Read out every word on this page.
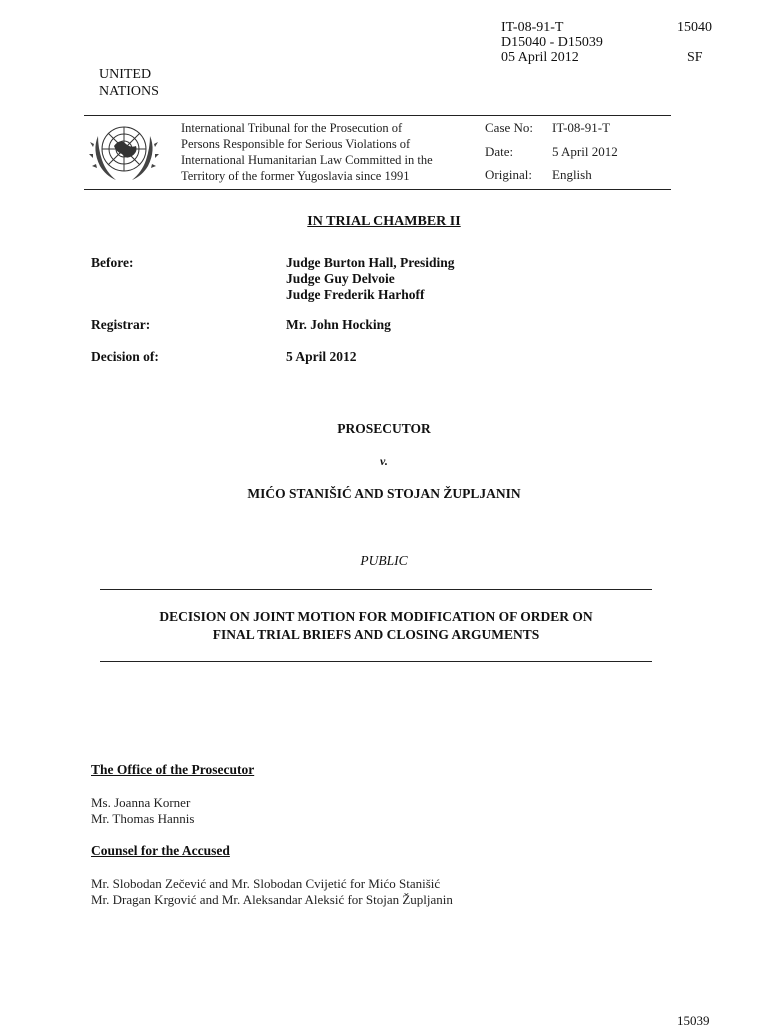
IT-08-91-T
D15040 - D15039
05 April 2012
15040
SF
UNITED
NATIONS
International Tribunal for the Prosecution of
Persons Responsible for Serious Violations of
International Humanitarian Law Committed in the
Territory of the former Yugoslavia since 1991
Case No:	IT-08-91-T
Date:	5 April 2012
Original:	English
IN TRIAL CHAMBER II
Before:	Judge Burton Hall, Presiding
Judge Guy Delvoie
Judge Frederik Harhoff
Registrar:	Mr. John Hocking
Decision of:	5 April 2012
PROSECUTOR
v.
MIĆO STANIŠIĆ AND STOJAN ŽUPLJANIN
PUBLIC
DECISION ON JOINT MOTION FOR MODIFICATION OF ORDER ON
FINAL TRIAL BRIEFS AND CLOSING ARGUMENTS
The Office of the Prosecutor
Ms. Joanna Korner
Mr. Thomas Hannis
Counsel for the Accused
Mr. Slobodan Zečević and Mr. Slobodan Cvijetić for Mićo Stanišić
Mr. Dragan Krgović and Mr. Aleksandar Aleksić for Stojan Župljanin
15039
